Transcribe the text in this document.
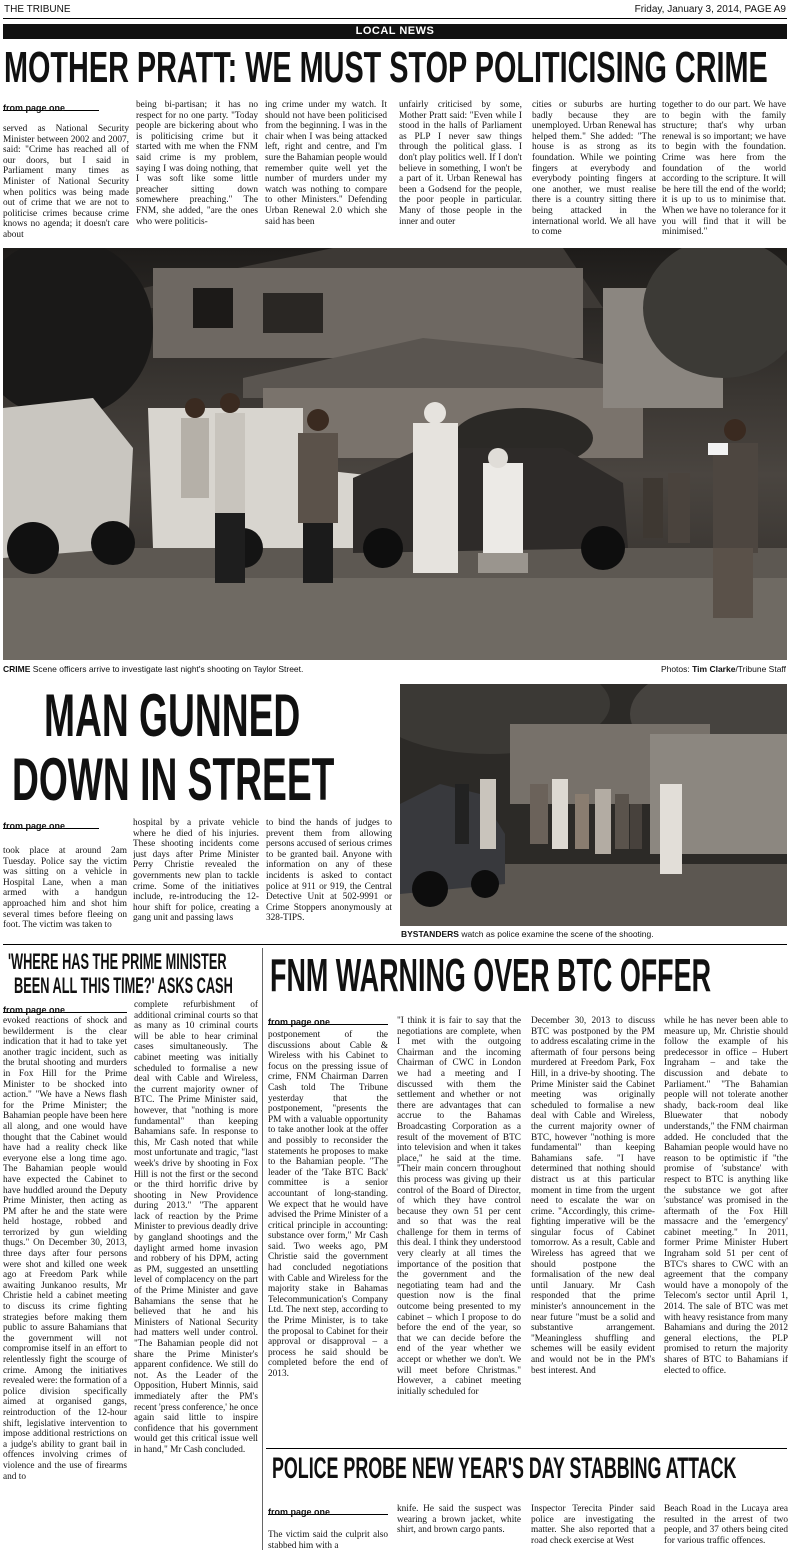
THE TRIBUNE	Friday, January 3, 2014, PAGE A9
LOCAL NEWS
MOTHER PRATT: WE MUST STOP POLITICISING CRIME
from page one
served as National Security Minister between 2002 and 2007, said: "Crime has reached all of our doors, but I said in Parliament many times as Minister of National Security when politics was being made out of crime that we are not to politicise crimes because crime knows no agenda; it doesn't care about
being bi-partisan; it has no respect for no one party. "Today people are bickering about who is politicising crime but it started with me when the FNM said crime is my problem, saying I was doing nothing, that I was soft like some little preacher sitting down somewhere preaching." The FNM, she added, "are the ones who were politicis-
ing crime under my watch. It should not have been politicised from the beginning. I was in the chair when I was being attacked left, right and centre, and I'm sure the Bahamian people would remember quite well yet the number of murders under my watch was nothing to compare to other Ministers." Defending Urban Renewal 2.0 which she said has been
unfairly criticised by some, Mother Pratt said: "Even while I stood in the halls of Parliament as PLP I never saw things through the political glass. I don't play politics well. If I don't believe in something, I won't be a part of it. Urban Renewal has been a Godsend for the people, the poor people in particular. Many of those people in the inner and outer
cities or suburbs are hurting badly because they are unemployed. Urban Renewal has helped them." She added: "The house is as strong as its foundation. While we pointing fingers at everybody and everybody pointing fingers at one another, we must realise there is a country sitting there being attacked in the international world. We all have to come
together to do our part. We have to begin with the family structure; that's why urban renewal is so important; we have to begin with the foundation. Crime was here from the foundation of the world according to the scripture. It will be here till the end of the world; it is up to us to minimise that. When we have no tolerance for it you will find that it will be minimised."
CRIME Scene officers arrive to investigate last night's shooting on Taylor Street.	Photos: Tim Clarke/Tribune Staff
MAN GUNNED
DOWN IN STREET
from page one
took place at around 2am Tuesday. Police say the victim was sitting on a vehicle in Hospital Lane, when a man armed with a handgun approached him and shot him several times before fleeing on foot. The victim was taken to
hospital by a private vehicle where he died of his injuries. These shooting incidents come just days after Prime Minister Perry Christie revealed the governments new plan to tackle crime. Some of the initiatives include, re-introducing the 12-hour shift for police, creating a gang unit and passing laws
to bind the hands of judges to prevent them from allowing persons accused of serious crimes to be granted bail. Anyone with information on any of these incidents is asked to contact police at 911 or 919, the Central Detective Unit at 502-9991 or Crime Stoppers anonymously at 328-TIPS.
BYSTANDERS watch as police examine the scene of the shooting.
'WHERE HAS THE PRIME MINISTER
BEEN ALL THIS TIME?' ASKS CASH
from page one
evoked reactions of shock and bewilderment is the clear indication that it had to take yet another tragic incident, such as the brutal shooting and murders in Fox Hill for the Prime Minister to be shocked into action." "We have a News flash for the Prime Minister; the Bahamian people have been here all along, and one would have thought that the Cabinet would have had a reality check like everyone else a long time ago. The Bahamian people would have expected the Cabinet to have huddled around the Deputy Prime Minister, then acting as PM after he and the state were held hostage, robbed and terrorized by gun wielding thugs." On December 30, 2013, three days after four persons were shot and killed one week ago at Freedom Park while awaiting Junkanoo results, Mr Christie held a cabinet meeting to discuss its crime fighting strategies before making them public to assure Bahamians that the government will not compromise itself in an effort to relentlessly fight the scourge of crime. Among the initiatives revealed were: the formation of a police division specifically aimed at organised gangs, reintroduction of the 12-hour shift, legislative intervention to impose additional restrictions on a judge's ability to grant bail in offences involving crimes of violence and the use of firearms and to
complete refurbishment of additional criminal courts so that as many as 10 criminal courts will be able to hear criminal cases simultaneously. The cabinet meeting was initially scheduled to formalise a new deal with Cable and Wireless, the current majority owner of BTC. The Prime Minister said, however, that "nothing is more fundamental" than keeping Bahamians safe. In response to this, Mr Cash noted that while most unfortunate and tragic, "last week's drive by shooting in Fox Hill is not the first or the second or the third horrific drive by shooting in New Providence during 2013." "The apparent lack of reaction by the Prime Minister to previous deadly drive by gangland shootings and the daylight armed home invasion and robbery of his DPM, acting as PM, suggested an unsettling level of complacency on the part of the Prime Minister and gave Bahamians the sense that he believed that he and his Ministers of National Security had matters well under control. "The Bahamian people did not share the Prime Minister's apparent confidence. We still do not. As the Leader of the Opposition, Hubert Minnis, said immediately after the PM's recent 'press conference,' he once again said little to inspire confidence that his government would get this critical issue well in hand," Mr Cash concluded.
FNM WARNING OVER BTC OFFER
from page one
postponement of the discussions about Cable & Wireless with his Cabinet to focus on the pressing issue of crime, FNM Chairman Darren Cash told The Tribune yesterday that the postponement, "presents the PM with a valuable opportunity to take another look at the offer and possibly to reconsider the statements he proposes to make to the Bahamian people. "The leader of the 'Take BTC Back' committee is a senior accountant of long-standing. We expect that he would have advised the Prime Minister of a critical principle in accounting: substance over form," Mr Cash said. Two weeks ago, PM Christie said the government had concluded negotiations with Cable and Wireless for the majority stake in Bahamas Telecommunication's Company Ltd. The next step, according to the Prime Minister, is to take the proposal to Cabinet for their approval or disapproval – a process he said should be completed before the end of 2013.
"I think it is fair to say that the negotiations are complete, when I met with the outgoing Chairman and the incoming Chairman of CWC in London we had a meeting and I discussed with them the settlement and whether or not there are advantages that can accrue to the Bahamas Broadcasting Corporation as a result of the movement of BTC into television and when it takes place," he said at the time. "Their main concern throughout this process was giving up their control of the Board of Director, of which they have control because they own 51 per cent and so that was the real challenge for them in terms of this deal. I think they understood very clearly at all times the importance of the position that the government and the negotiating team had and the question now is the final outcome being presented to my cabinet – which I propose to do before the end of the year, so that we can decide before the end of the year whether we accept or whether we don't. We will meet before Christmas." However, a cabinet meeting initially scheduled for
December 30, 2013 to discuss BTC was postponed by the PM to address escalating crime in the aftermath of four persons being murdered at Freedom Park, Fox Hill, in a drive-by shooting. The Prime Minister said the Cabinet meeting was originally scheduled to formalise a new deal with Cable and Wireless, the current majority owner of BTC, however "nothing is more fundamental" than keeping Bahamians safe. "I have determined that nothing should distract us at this particular moment in time from the urgent need to escalate the war on crime. "Accordingly, this crime-fighting imperative will be the singular focus of Cabinet tomorrow. As a result, Cable and Wireless has agreed that we should postpone the formalisation of the new deal until January. Mr Cash responded that the prime minister's announcement in the near future "must be a solid and substantive arrangement. "Meaningless shuffling and schemes will be easily evident and would not be in the PM's best interest. And
while he has never been able to measure up, Mr. Christie should follow the example of his predecessor in office – Hubert Ingraham – and take the discussion and debate to Parliament." "The Bahamian people will not tolerate another shady, back-room deal like Bluewater that nobody understands," the FNM chairman added. He concluded that the Bahamian people would have no reason to be optimistic if "the promise of 'substance' with respect to BTC is anything like the substance we got after 'substance' was promised in the aftermath of the Fox Hill massacre and the 'emergency' cabinet meeting." In 2011, former Prime Minister Hubert Ingraham sold 51 per cent of BTC's shares to CWC with an agreement that the company would have a monopoly of the Telecom's sector until April 1, 2014. The sale of BTC was met with heavy resistance from many Bahamians and during the 2012 general elections, the PLP promised to return the majority shares of BTC to Bahamians if elected to office.
POLICE PROBE NEW YEAR'S DAY STABBING ATTACK
from page one
The victim said the culprit also stabbed him with a
knife. He said the suspect was wearing a brown jacket, white shirt, and brown cargo pants.
Inspector Terecita Pinder said police are investigating the matter. She also reported that a road check exercise at West
Beach Road in the Lucaya area resulted in the arrest of two people, and 37 others being cited for various traffic offences.
